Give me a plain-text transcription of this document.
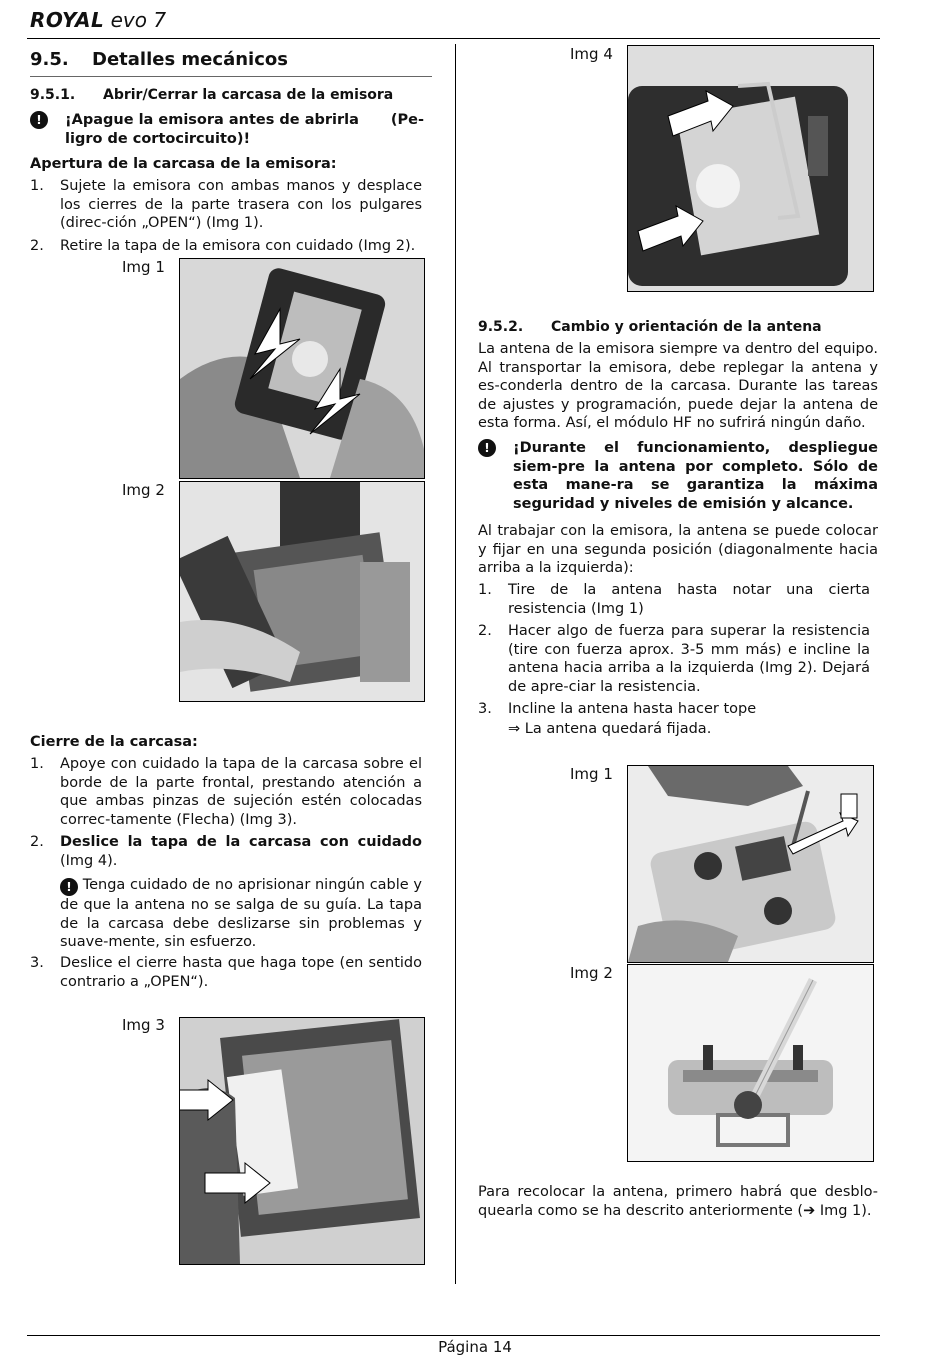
ROYAL evo 7
9.5. Detalles mecánicos
9.5.1. Abrir/Cerrar la carcasa de la emisora
!	¡Apague la emisora antes de abrirla (Pe-

ligro de cortocircuito)!
Apertura de la carcasa de la emisora:
1. Sujete la emisora con ambas manos y desplace los cierres de la parte trasera con los pulgares (direc-ción „OPEN“) (Img 1).
2. Retire la tapa de la emisora con cuidado (Img 2).
Img 1
Img 2
Cierre de la carcasa:
1. Apoye con cuidado la tapa de la carcasa sobre el borde de la parte frontal, prestando atención a que ambas pinzas de sujeción estén colocadas correc-tamente (Flecha) (Img 3).
2. Deslice la tapa de la carcasa con cuidado (Img 4).
! Tenga cuidado de no aprisionar ningún cable y de que la antena no se salga de su guía. La tapa de la carcasa debe deslizarse sin problemas y suave-mente, sin esfuerzo.
3. Deslice el cierre hasta que haga tope (en sentido contrario a „OPEN“).
Img 3
Img 4
9.5.2. Cambio y orientación de la antena
La antena de la emisora siempre va dentro del equipo. Al transportar la emisora, debe replegar la antena y es-conderla dentro de la carcasa. Durante las tareas de ajustes y programación, puede dejar la antena de esta forma. Así, el módulo HF no sufrirá ningún daño.
!	¡Durante el funcionamiento, despliegue siem-pre la antena por completo. Sólo de esta mane-ra se garantiza la máxima seguridad y niveles de emisión y alcance.
Al trabajar con la emisora, la antena se puede colocar y fijar en una segunda posición (diagonalmente hacia arriba a la izquierda):
1. Tire de la antena hasta notar una cierta resistencia (Img 1)
2. Hacer algo de fuerza para superar la resistencia (tire con fuerza aprox. 3-5 mm más) e incline la antena hacia arriba a la izquierda (Img 2). Dejará de apre-ciar la resistencia.
3. Incline la antena hasta hacer tope
⇒ La antena quedará fijada.
Img 1
Img 2
Para recolocar la antena, primero habrá que desblo-quearla como se ha descrito anteriormente (➔ Img 1).
Página 14
